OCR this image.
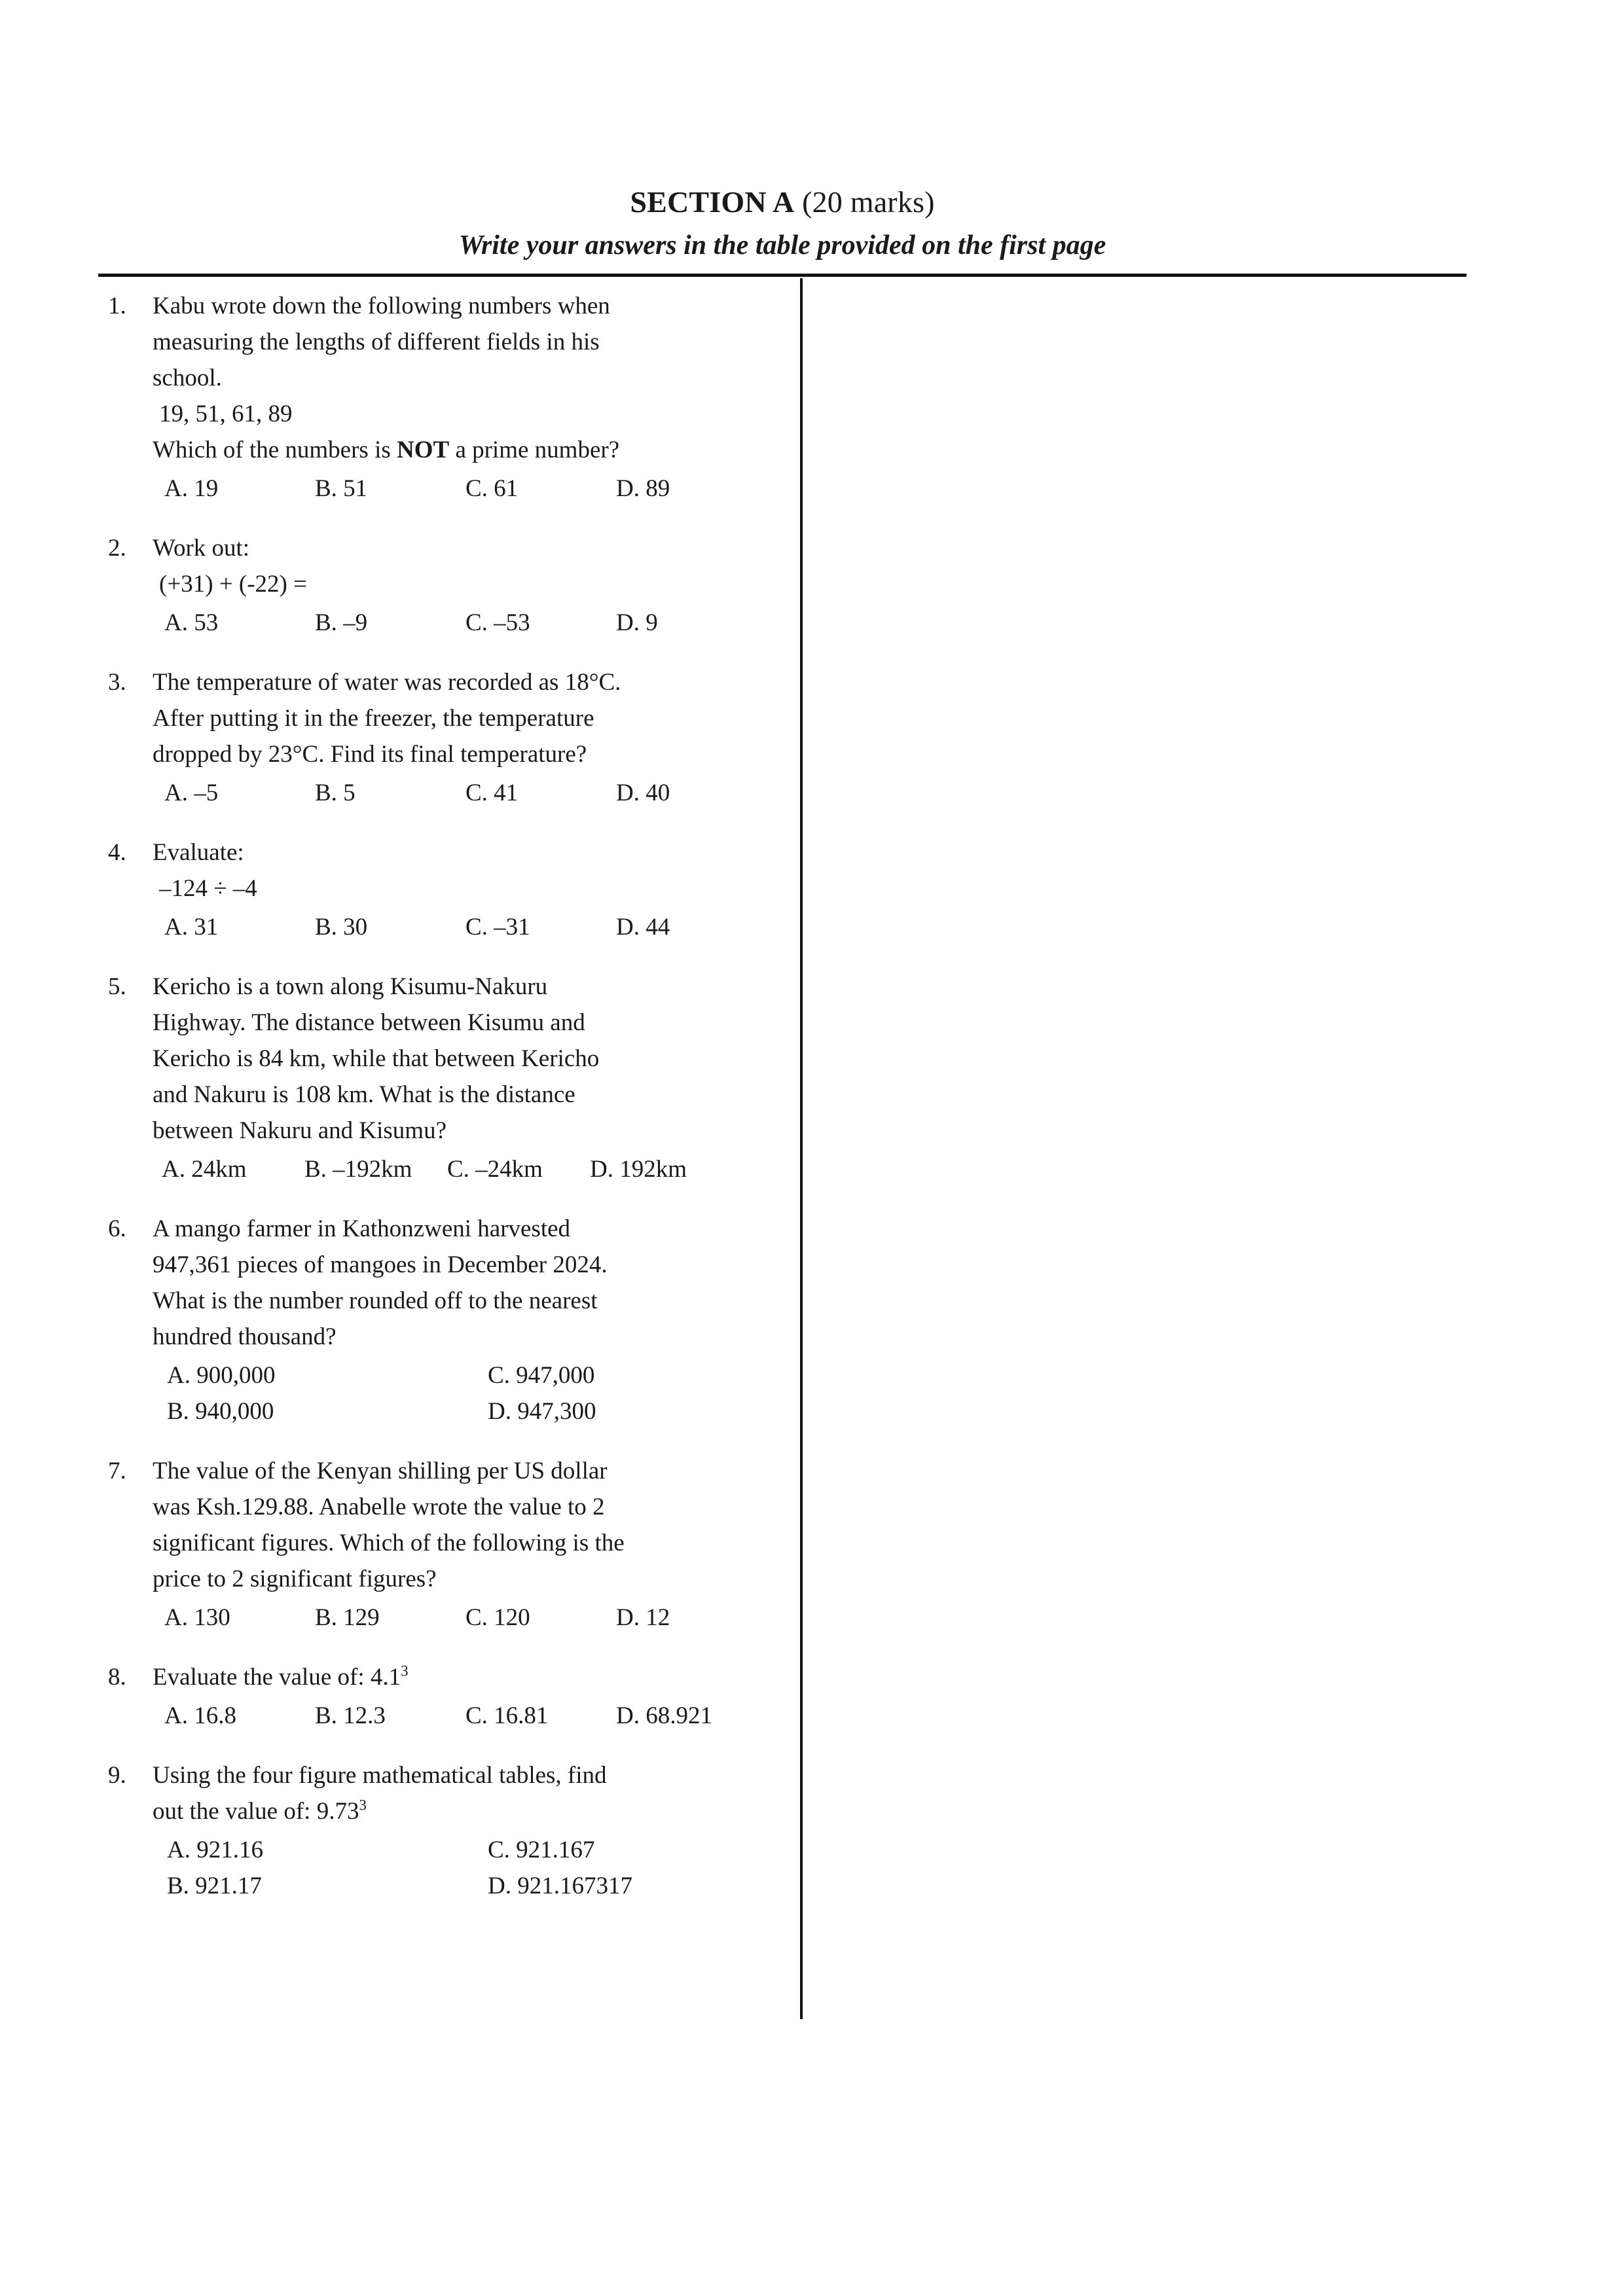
SECTION A (20 marks)
Write your answers in the table provided on the first page
1.	Kabu wrote down the following numbers when
measuring the lengths of different fields in his
school.
19, 51, 61, 89
Which of the numbers is NOT a prime number?
A. 19	B. 51	C. 61	D. 89
2.	Work out:
(+31) + (-22) =
A. 53	B. –9	C. –53	D. 9
3.	The temperature of water was recorded as 18°C.
After putting it in the freezer, the temperature
dropped by 23°C. Find its final temperature?
A. –5	B. 5	C. 41	D. 40
4.	Evaluate:
–124 ÷ –4
A. 31	B. 30	C. –31	D. 44
5.	Kericho is a town along Kisumu-Nakuru
Highway. The distance between Kisumu and
Kericho is 84 km, while that between Kericho
and Nakuru is 108 km. What is the distance
between Nakuru and Kisumu?
A. 24km	B. –192km	C. –24km	D. 192km
6.	A mango farmer in Kathonzweni harvested
947,361 pieces of mangoes in December 2024.
What is the number rounded off to the nearest
hundred thousand?
A. 900,000	C. 947,000
B. 940,000	D. 947,300
7.	The value of the Kenyan shilling per US dollar
was Ksh.129.88. Anabelle wrote the value to 2
significant figures. Which of the following is the
price to 2 significant figures?
A. 130	B. 129	C. 120	D. 12
8.	Evaluate the value of: $4.1^3$
A. 16.8	B. 12.3	C. 16.81	D. 68.921
9.	Using the four figure mathematical tables, find
out the value of: 9.73$^3$
A. 921.16	C. 921.167
B. 921.17	D. 921.167317
